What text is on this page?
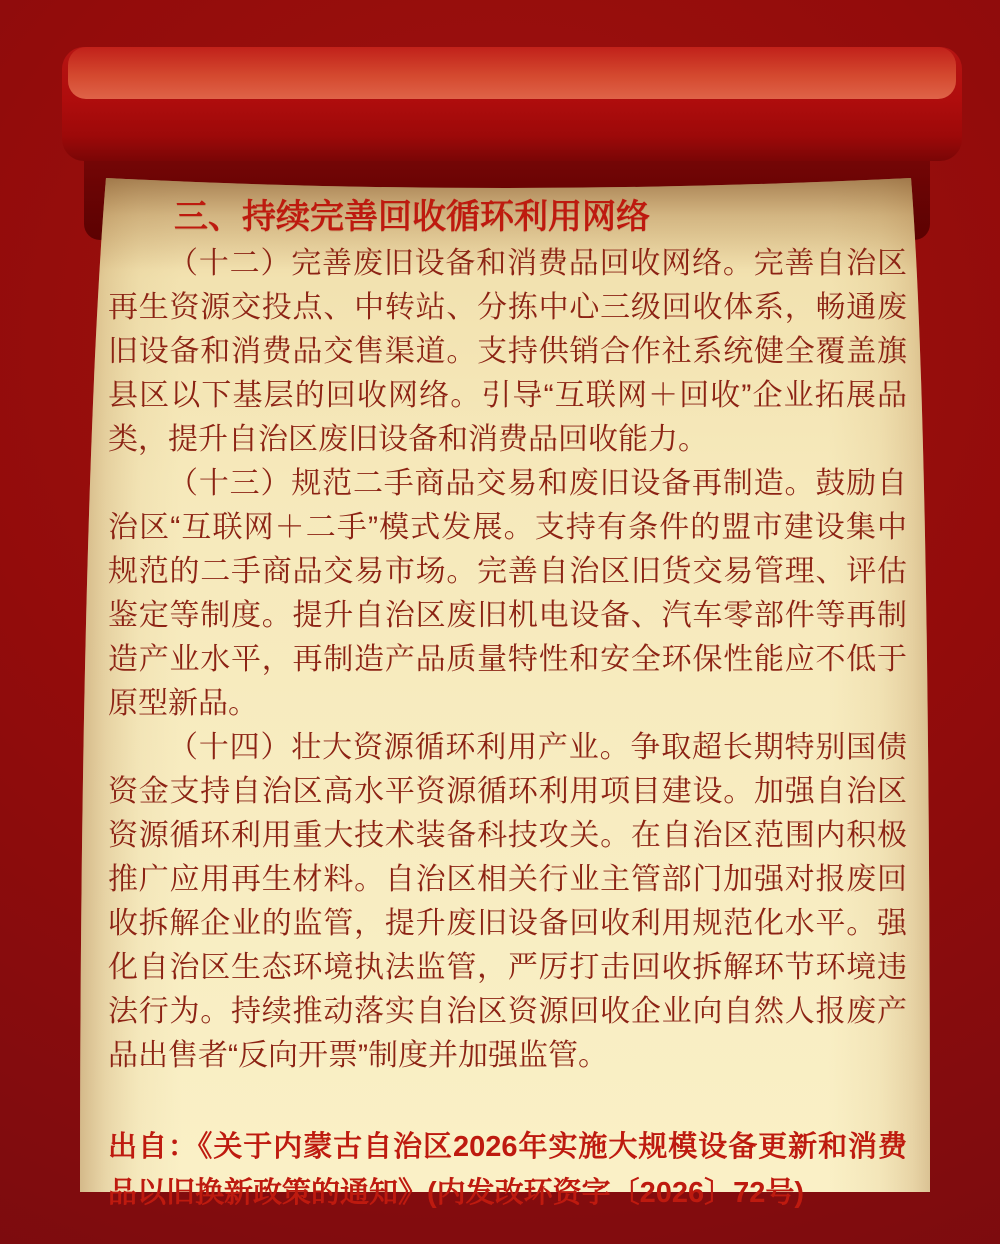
三、持续完善回收循环利用网络

（十二）完善废旧设备和消费品回收网络。完善自治区再生资源交投点、中转站、分拣中心三级回收体系，畅通废旧设备和消费品交售渠道。支持供销合作社系统健全覆盖旗县区以下基层的回收网络。引导“互联网＋回收”企业拓展品类，提升自治区废旧设备和消费品回收能力。

（十三）规范二手商品交易和废旧设备再制造。鼓励自治区“互联网＋二手”模式发展。支持有条件的盟市建设集中规范的二手商品交易市场。完善自治区旧货交易管理、评估鉴定等制度。提升自治区废旧机电设备、汽车零部件等再制造产业水平，再制造产品质量特性和安全环保性能应不低于原型新品。

（十四）壮大资源循环利用产业。争取超长期特别国债资金支持自治区高水平资源循环利用项目建设。加强自治区资源循环利用重大技术装备科技攻关。在自治区范围内积极推广应用再生材料。自治区相关行业主管部门加强对报废回收拆解企业的监管，提升废旧设备回收利用规范化水平。强化自治区生态环境执法监管，严厉打击回收拆解环节环境违法行为。持续推动落实自治区资源回收企业向自然人报废产品出售者“反向开票”制度并加强监管。

出自：《关于内蒙古自治区2026年实施大规模设备更新和消费品以旧换新政策的通知》(内发改环资字〔2026〕72号)
